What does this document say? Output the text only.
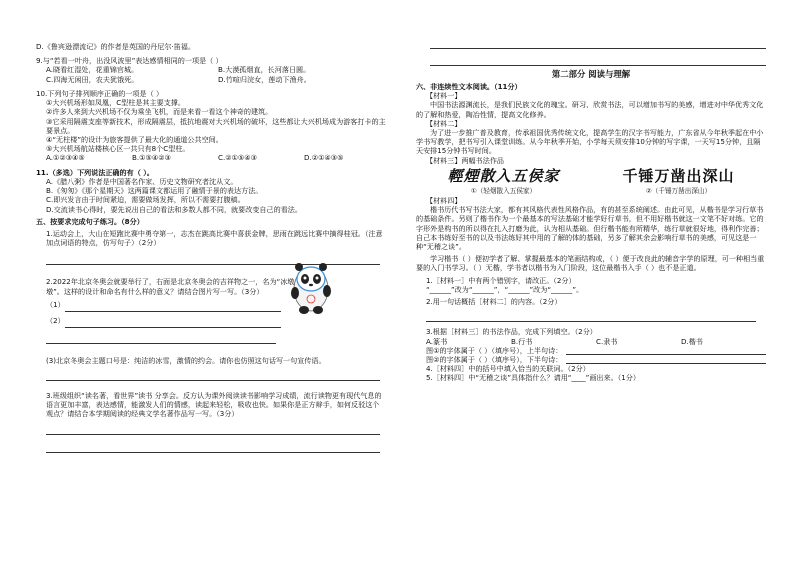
D.《鲁宾逊漂流记》的作者是英国的丹尼尔·笛福。
9.与“若看一叶舟，出没风波里”表达感情相同的一项是（ ）
A.晓看红湿处，花重锦官城。	B.大漠孤烟直，长河落日圆。
C.四海无闲田，农夫犹饿死。	D.竹喧归浣女，莲动下渔舟。
10.下列句子排列顺序正确的一项是（ ）
①大兴机场形如凤凰，C型柱是其主要支撑。
②许多人来到大兴机场不仅为乘坐飞机，而是来看一看这个神奇的建筑。
③它采用隔震支座等新技术，形成隔震层，抵抗地震对大兴机场的破坏，这些都让大兴机场成为游客打卡的主要景点。
④“无柱楼”的设计为旅客提供了最大化的通道公共空间。
⑤大兴机场航站楼核心区一共只有8个C型柱。
A.①②③④⑤	B.①⑤④②③	C.②①⑤④③	D.②①④③⑤
11.（多选）下列说法正确的有（ ）。
A.《腊八粥》作者是中国著名作家、历史文物研究者沈从文。
B.《匆匆》《那个星期天》这两篇课文都运用了融情于景的表达方法。
C.即兴发言由于时间紧迫，需要做场发挥，所以不需要打腹稿。
D.交流读书心得时，要先说出自己的看法和多数人都不同，就要改变自己的看法。
五、按要求完成句子练习。（8分）
1.运动会上，大山在短跑比赛中勇夺第一，志杰在跳高比赛中喜获金牌，思雨在跳远比赛中摘得桂冠。（注意加点词语的特点，仿写句子）（2分）
2.2022年北京冬奥会就要举行了，右面是北京冬奥会的吉祥物之一，名为“冰墩墩”。这样的设计和命名有什么样的意义？请结合图片写一写。（3分）
（1）
（2）
(3)北京冬奥会主题口号是：纯洁的冰雪，激情的约会。请你也仿照这句话写一句宣传语。
3.班级组织“读名著，看世界”读书 分享会。反方认为课外阅读读书影响学习成绩，流行读物更有现代气息的语言更加丰富，表达感情，能激发人们的情感，读起来轻松，吸收也快。如果你是正方辩手，如何反驳这个观点？请结合本学期阅读的经典文学名著作品写一写。（3分）
第二部分 阅读与理解
六、非连续性文本阅读。（11分）
【材料一】
中国书法源渊流长，是我们民族文化的瑰宝。研习、欣赏书法，可以增加书写的美感，增进对中华优秀文化的了解和热爱，陶冶性情，提高文化修养。
【材料二】
为了进一步推广普及教育，传承祖国优秀传统文化，提高学生的汉字书写能力，广东省从今年秋季起在中小学书写教学，把书写引入课堂训练。从今年秋季开始，小学每天须安排10分钟的写字课，一天写15分钟，且隔天安排15分钟书写时间。
【材料三】两幅书法作品
輕煙散入五侯家	千锤万凿出深山
①（轻烟散入五侯家）	②（千锤万凿出深山）
【材料四】
楷书历代书写书法大家，都有其风格代表性风格作品，有的甚至系统阐述。由此可见，从楷书是学习行草书的基础条件。另则了楷书作为一个最基本的写法基础才能学好行草书，但不用好楷书就这一文笔不好对练。它的字形外是构书的所以得在扎入打磨为此，认为相从基础。但行楷书能有所精华，练行草就很好地，得利作完善；自己本书练好至书的以及书法练好其中用的了解的体的基础，另多了解其余会影响行草书的美感，可见这是一种“无稽之谈”。
学习楷书（ ）便初学者了解、掌握最基本的笔画结构或，（ ）便于改良此的辅音字学的原理，可一种相当重要的入门书学习。（ ）无楷，学书者以楷书为入门阶段，这位最楷书入手（ ）也不是正道。
1.［材料一］中有两个错别字，请改正。（2分）
“______”改为“______”，“______”改为“______”。
2.用一句话概括［材料二］的内容。（2分）
3.根据［材料三］的书法作品，完成下列填空。（2分）
A.篆书	B.行书	C.隶书	D.楷书
图①的字体属于（ ）（填序号），上半句诗：
图②的字体属于（ ）（填序号），下半句诗：
4.［材料四］中的括号中填入恰当的关联词。（2分）
5.［材料四］中“无稽之谈”具体指什么？请用“____”画出来。（1分）
